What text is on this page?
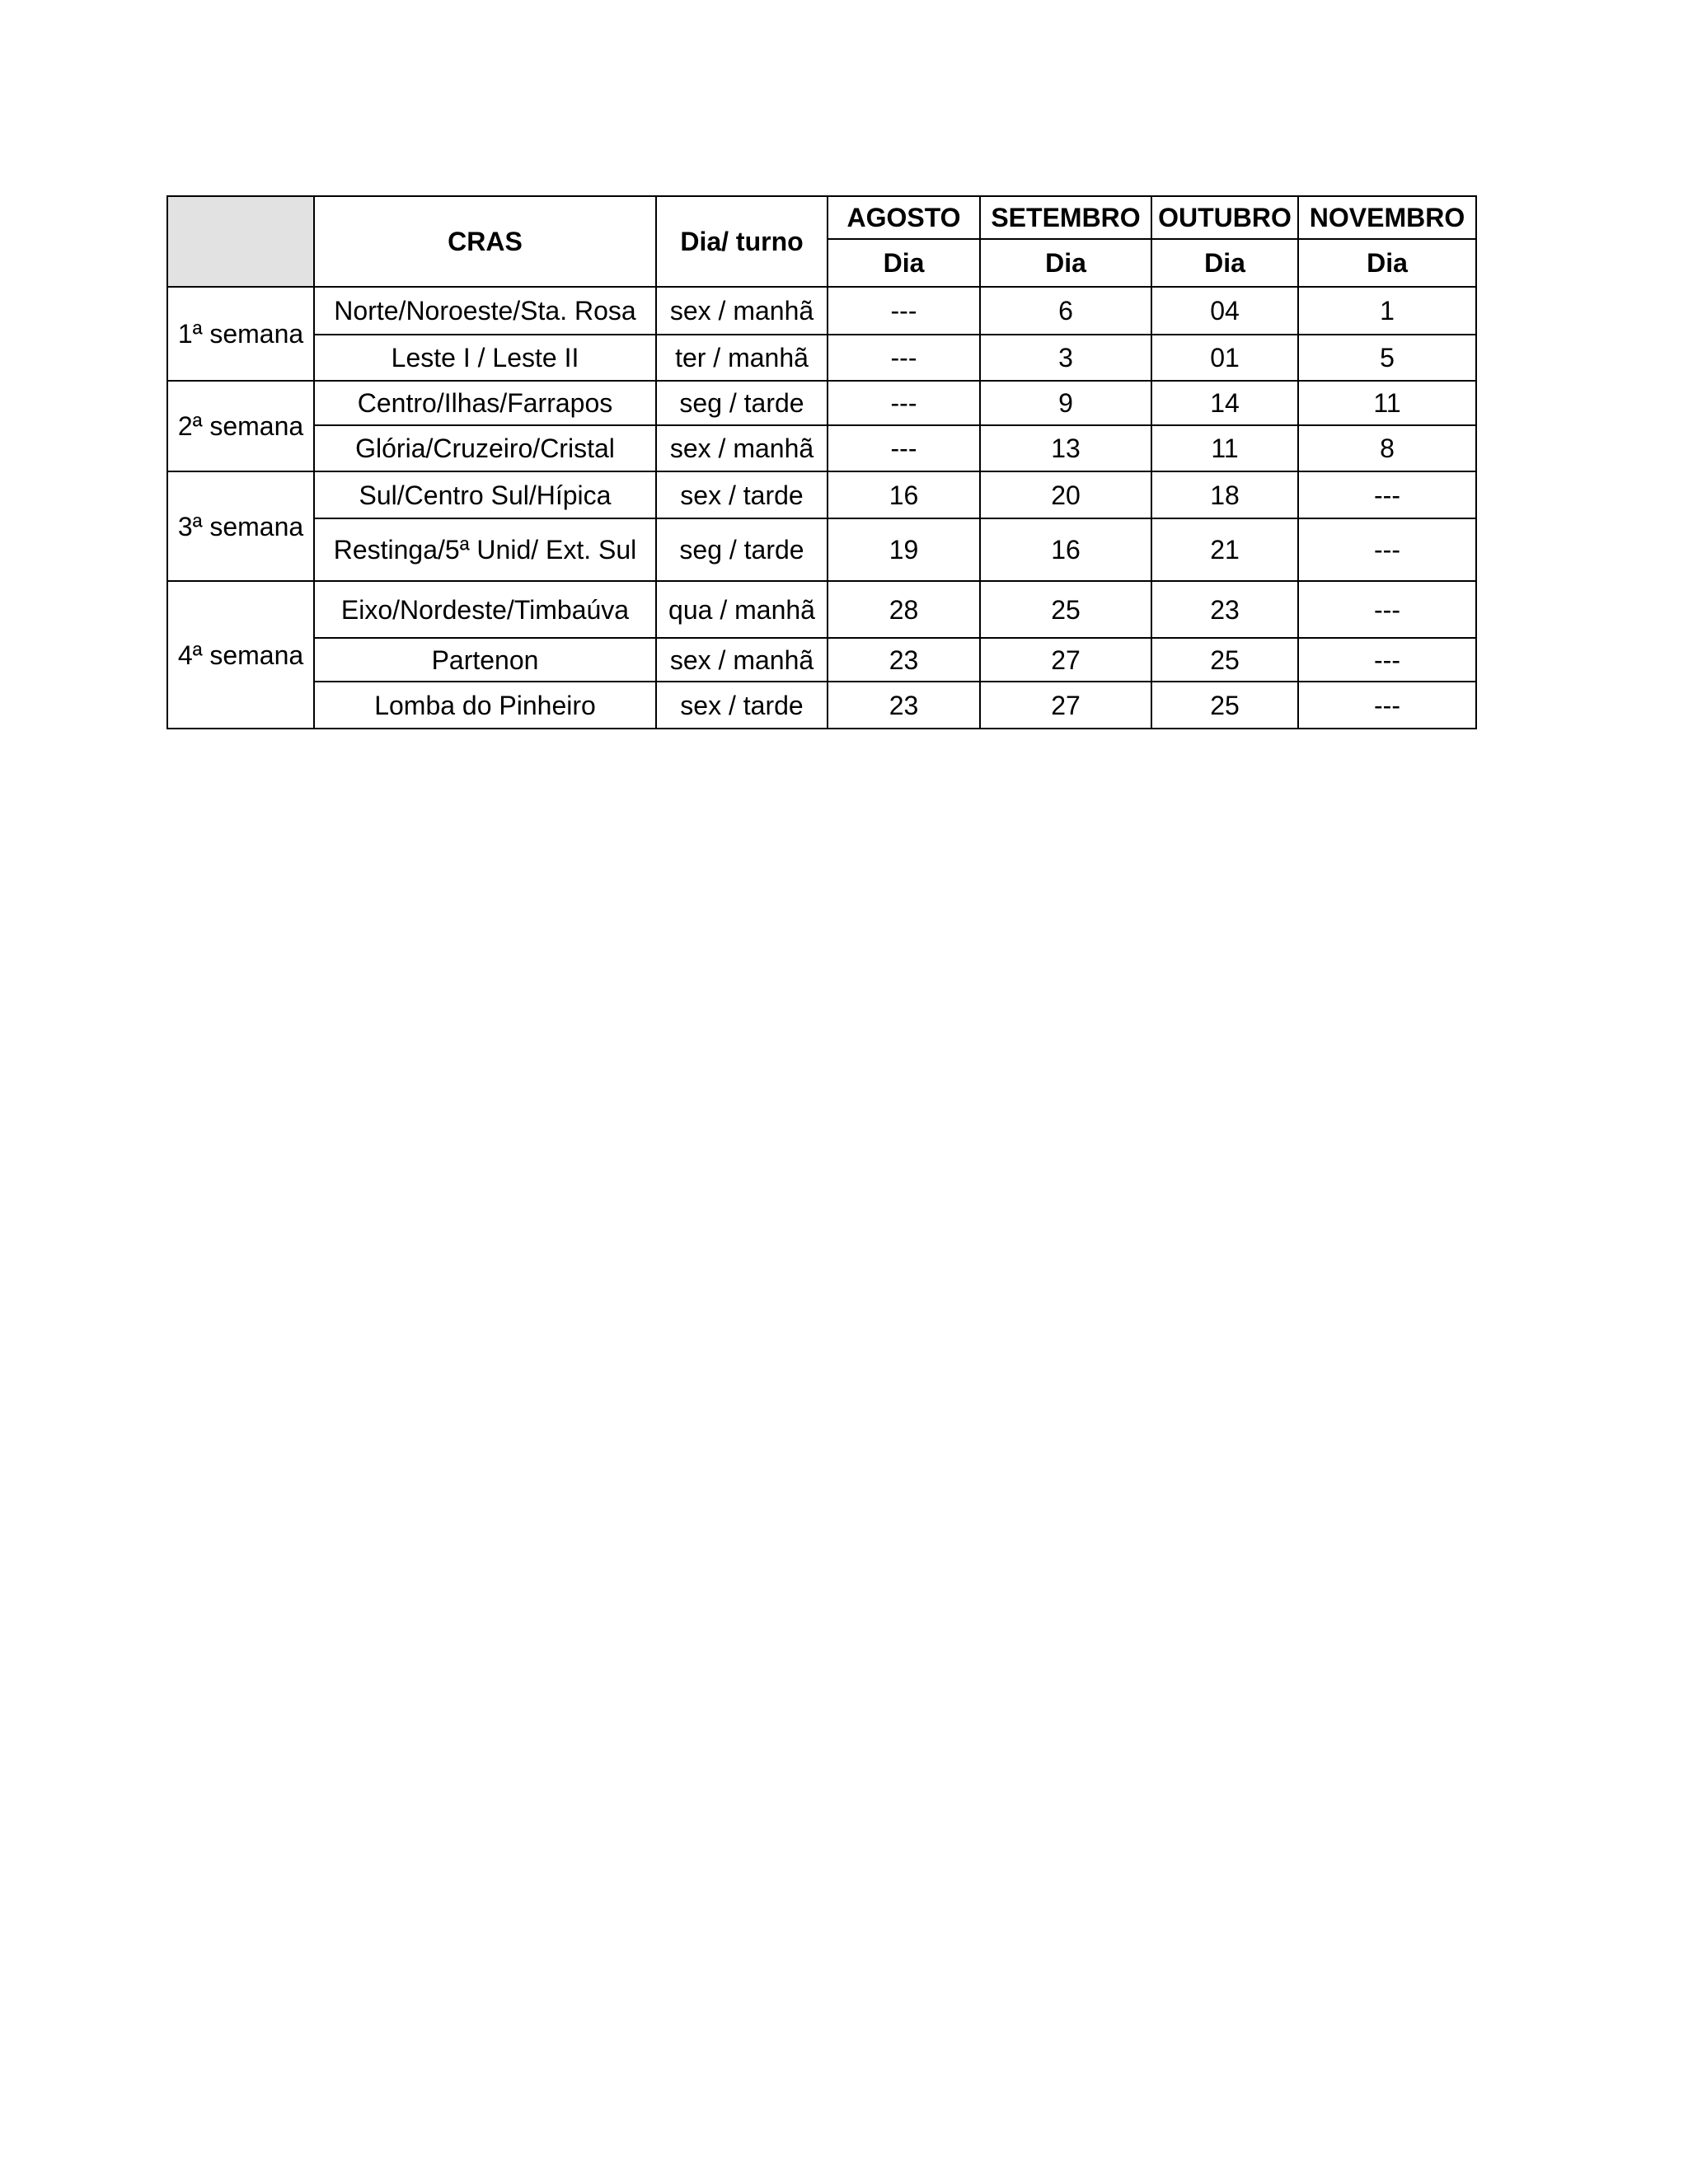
	CRAS	Dia/ turno	AGOSTO	SETEMBRO	OUTUBRO	NOVEMBRO
			Dia	Dia	Dia	Dia
1ª semana	Norte/Noroeste/Sta. Rosa	sex / manhã	---	6	04	1
	Leste I / Leste II	ter / manhã	---	3	01	5
2ª semana	Centro/Ilhas/Farrapos	seg / tarde	---	9	14	11
	Glória/Cruzeiro/Cristal	sex / manhã	---	13	11	8
3ª semana	Sul/Centro Sul/Hípica	sex / tarde	16	20	18	---
	Restinga/5ª Unid/ Ext. Sul	seg / tarde	19	16	21	---
4ª semana	Eixo/Nordeste/Timbaúva	qua / manhã	28	25	23	---
	Partenon	sex / manhã	23	27	25	---
	Lomba do Pinheiro	sex / tarde	23	27	25	---
